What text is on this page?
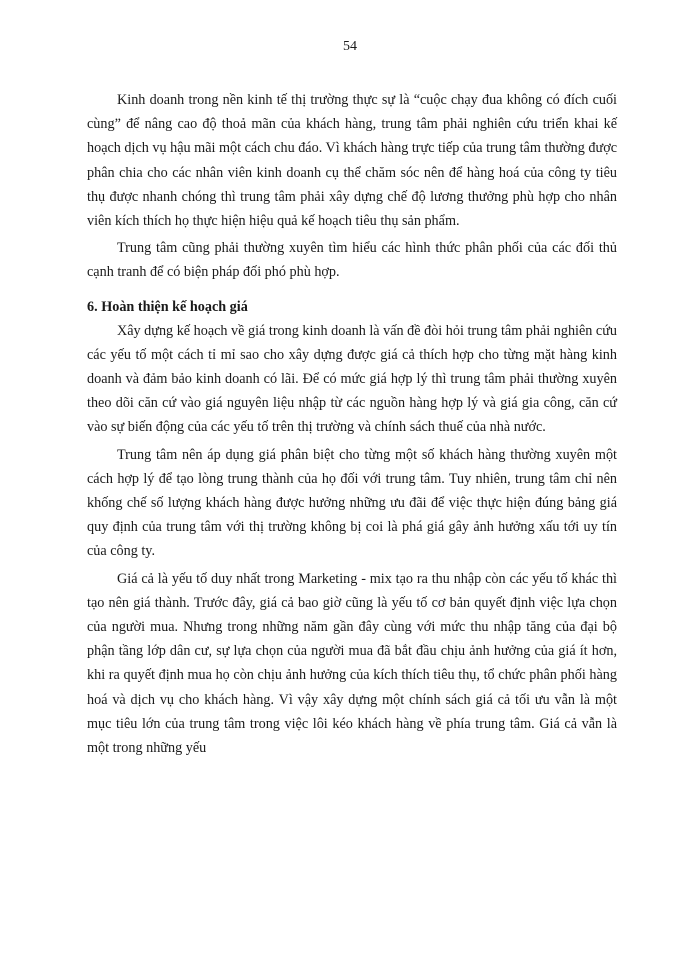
54

Kinh doanh trong nền kinh tế thị trường thực sự là “cuộc chạy đua không có đích cuối cùng” để nâng cao độ thoả mãn của khách hàng, trung tâm phải nghiên cứu triển khai kế hoạch dịch vụ hậu mãi một cách chu đáo. Vì khách hàng trực tiếp của trung tâm thường được phân chia cho các nhân viên kinh doanh cụ thể chăm sóc nên để hàng hoá của công ty tiêu thụ được nhanh chóng thì trung tâm phải xây dựng chế độ lương thưởng phù hợp cho nhân viên kích thích họ thực hiện hiệu quả kế hoạch tiêu thụ sản phẩm.

Trung tâm cũng phải thường xuyên tìm hiểu các hình thức phân phối của các đối thủ cạnh tranh để có biện pháp đối phó phù hợp.

6. Hoàn thiện kế hoạch giá

Xây dựng kế hoạch về giá trong kinh doanh là vấn đề đòi hỏi trung tâm phải nghiên cứu các yếu tố một cách tỉ mỉ sao cho xây dựng được giá cả thích hợp cho từng mặt hàng kinh doanh và đảm bảo kinh doanh có lãi. Để có mức giá hợp lý thì trung tâm phải thường xuyên theo dõi căn cứ vào giá nguyên liệu nhập từ các nguồn hàng hợp lý và giá gia công, căn cứ vào sự biến động của các yếu tố trên thị trường và chính sách thuế của nhà nước.

Trung tâm nên áp dụng giá phân biệt cho từng một số khách hàng thường xuyên một cách hợp lý để tạo lòng trung thành của họ đối với trung tâm. Tuy nhiên, trung tâm chỉ nên khống chế số lượng khách hàng được hưởng những ưu đãi để việc thực hiện đúng bảng giá quy định của trung tâm với thị trường không bị coi là phá giá gây ảnh hưởng xấu tới uy tín của công ty.

Giá cả là yếu tố duy nhất trong Marketing - mix tạo ra thu nhập còn các yếu tố khác thì tạo nên giá thành. Trước đây, giá cả bao giờ cũng là yếu tố cơ bản quyết định việc lựa chọn của người mua. Nhưng trong những năm gần đây cùng với mức thu nhập tăng của đại bộ phận tầng lớp dân cư, sự lựa chọn của người mua đã bắt đầu chịu ảnh hưởng của giá ít hơn, khi ra quyết định mua họ còn chịu ảnh hưởng của kích thích tiêu thụ, tổ chức phân phối hàng hoá và dịch vụ cho khách hàng. Vì vậy xây dựng một chính sách giá cả tối ưu vẫn là một mục tiêu lớn của trung tâm trong việc lôi kéo khách hàng về phía trung tâm. Giá cả vẫn là một trong những yếu
